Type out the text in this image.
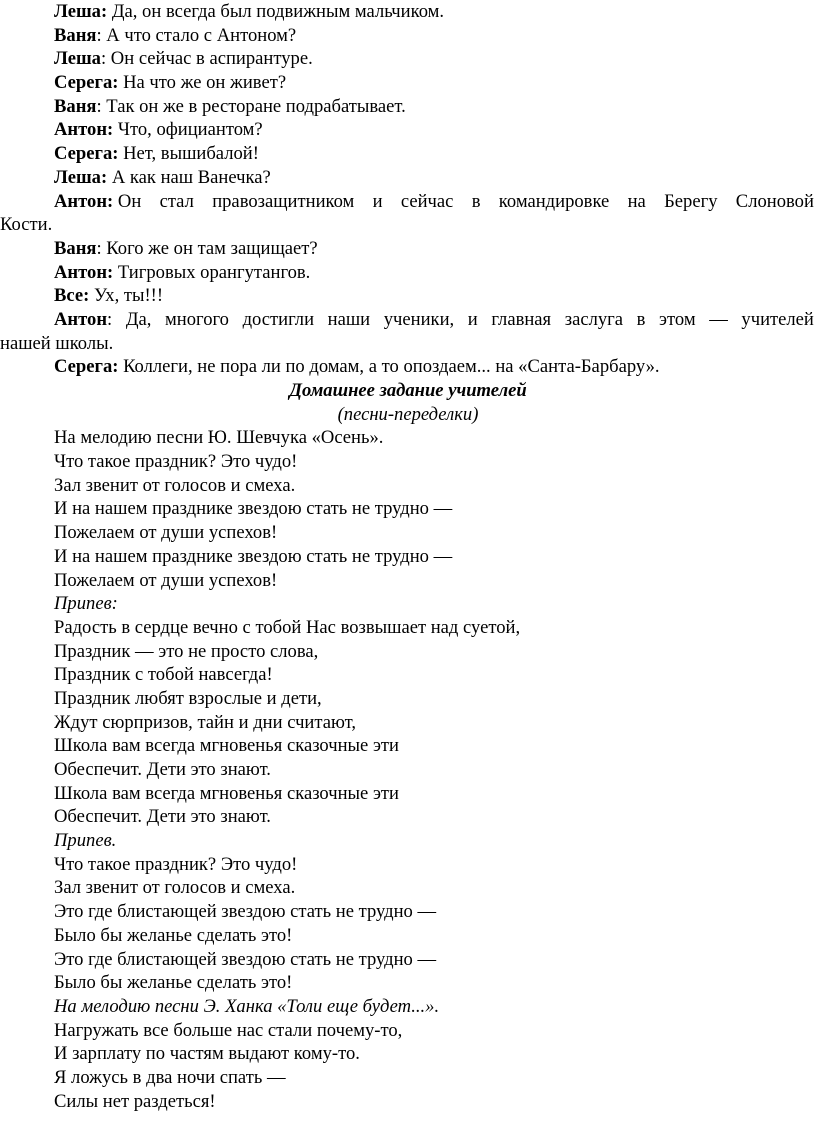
Леша: Да, он всегда был подвижным мальчиком.
Ваня: А что стало с Антоном?
Леша: Он сейчас в аспирантуре.
Серега: На что же он живет?
Ваня: Так он же в ресторане подрабатывает.
Антон: Что, официантом?
Серега: Нет, вышибалой!
Леша: А как наш Ванечка?
Антон: Он стал правозащитником и сейчас в командировке на Берегу Слоновой
Кости.
Ваня: Кого же он там защищает?
Антон: Тигровых орангутангов.
Все: Ух, ты!!!
Антон: Да, многого достигли наши ученики, и главная заслуга в этом — учителей
нашей школы.
Серега: Коллеги, не пора ли по домам, а то опоздаем... на «Санта-Барбару».
Домашнее задание учителей
(песни-переделки)
На мелодию песни Ю. Шевчука «Осень».
Что такое праздник? Это чудо!
Зал звенит от голосов и смеха.
И на нашем празднике звездою стать не трудно —
Пожелаем от души успехов!
И на нашем празднике звездою стать не трудно —
Пожелаем от души успехов!
Припев:
Радость в сердце вечно с тобой Нас возвышает над суетой,
Праздник — это не просто слова,
Праздник с тобой навсегда!
Праздник любят взрослые и дети,
Ждут сюрпризов, тайн и дни считают,
Школа вам всегда мгновенья сказочные эти
Обеспечит. Дети это знают.
Школа вам всегда мгновенья сказочные эти
Обеспечит. Дети это знают.
Припев.
Что такое праздник? Это чудо!
Зал звенит от голосов и смеха.
Это где блистающей звездою стать не трудно —
Было бы желанье сделать это!
Это где блистающей звездою стать не трудно —
Было бы желанье сделать это!
На мелодию песни Э. Ханка «Толи еще будет...».
Нагружать все больше нас стали почему-то,
И зарплату по частям выдают кому-то.
Я ложусь в два ночи спать —
Силы нет раздеться!
